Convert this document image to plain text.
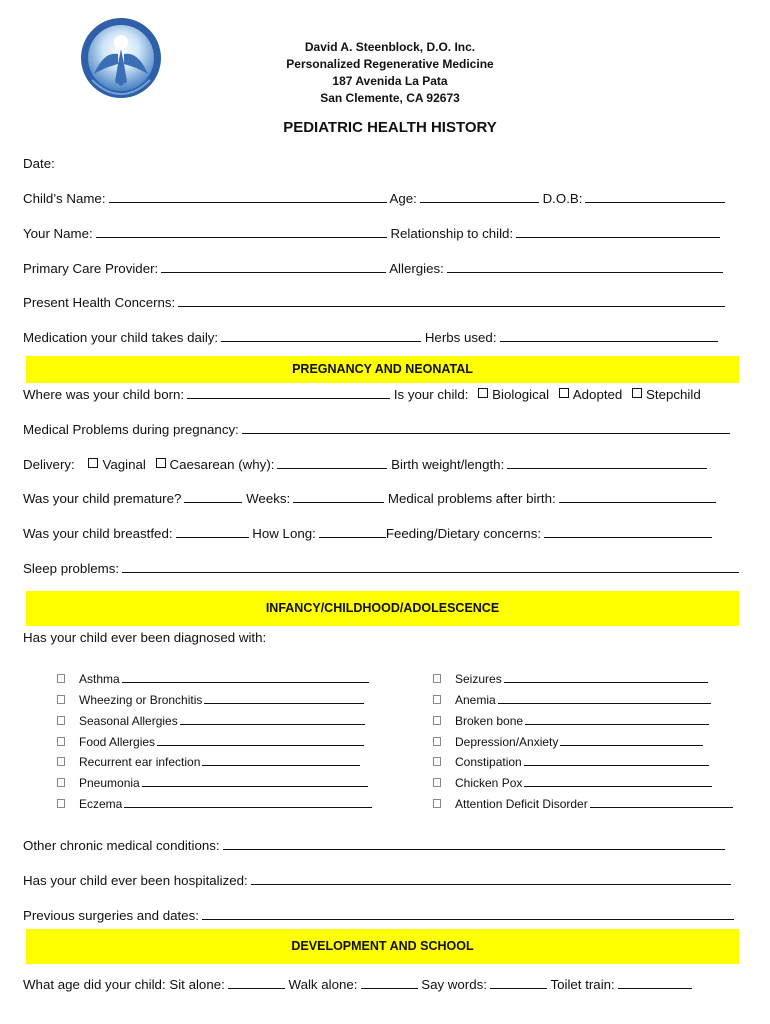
David A. Steenblock, D.O. Inc.
Personalized Regenerative Medicine
187 Avenida La Pata
San Clemente, CA 92673
PEDIATRIC HEALTH HISTORY
Date:
Child’s Name:	Age:	D.O.B:
Your Name:	Relationship to child:
Primary Care Provider:	Allergies:
Present Health Concerns:
Medication your child takes daily:	Herbs used:
PREGNANCY AND NEONATAL
Where was your child born:	Is your child: Biological Adopted Stepchild
Medical Problems during pregnancy:
Delivery: Vaginal Caesarean (why):	Birth weight/length:
Was your child premature?	Weeks:	Medical problems after birth:
Was your child breastfed:	How Long:	Feeding/Dietary concerns:
Sleep problems:
INFANCY/CHILDHOOD/ADOLESCENCE
Has your child ever been diagnosed with:
Asthma
Wheezing or Bronchitis
Seasonal Allergies
Food Allergies
Recurrent ear infection
Pneumonia
Eczema
Seizures
Anemia
Broken bone
Depression/Anxiety
Constipation
Chicken Pox
Attention Deficit Disorder
Other chronic medical conditions:
Has your child ever been hospitalized:
Previous surgeries and dates:
DEVELOPMENT AND SCHOOL
What age did your child: Sit alone:	Walk alone:	Say words:	Toilet train:
